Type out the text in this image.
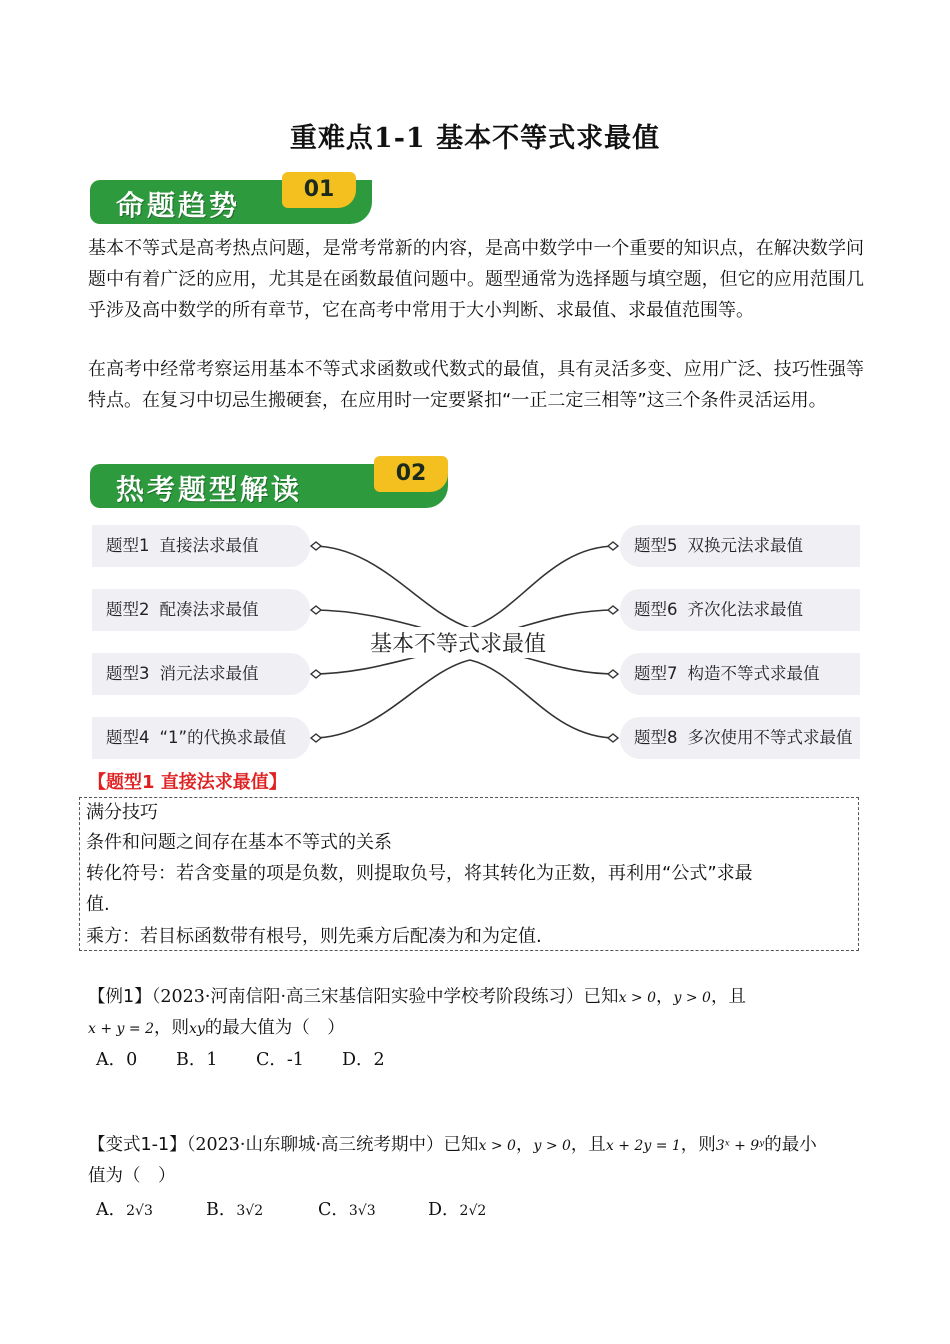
重难点1-1 基本不等式求最值
命题趋势	01
基本不等式是高考热点问题，是常考常新的内容，是高中数学中一个重要的知识点，在解决数学问题中有着广泛的应用，尤其是在函数最值问题中。题型通常为选择题与填空题，但它的应用范围几乎涉及高中数学的所有章节，它在高考中常用于大小判断、求最值、求最值范围等。
在高考中经常考察运用基本不等式求函数或代数式的最值，具有灵活多变、应用广泛、技巧性强等特点。在复习中切忌生搬硬套，在应用时一定要紧扣“一正二定三相等”这三个条件灵活运用。
热考题型解读	02
基本不等式求最值
题型1 直接法求最值
题型2 配凑法求最值
题型3 消元法求最值
题型4 “1”的代换求最值
题型5 双换元法求最值
题型6 齐次化法求最值
题型7 构造不等式求最值
题型8 多次使用不等式求最值
【题型1 直接法求最值】
满分技巧
条件和问题之间存在基本不等式的关系
转化符号：若含变量的项是负数，则提取负号，将其转化为正数，再利用“公式”求最
值.
乘方：若目标函数带有根号，则先乘方后配凑为和为定值.
【例1】（2023·河南信阳·高三宋基信阳实验中学校考阶段练习）已知x > 0，y > 0，且
x + y = 2，则xy的最大值为（　）
A．0 B．1 C．-1 D．2
【变式1-1】（2023·山东聊城·高三统考期中）已知x > 0，y > 0，且x + 2y = 1，则3ˣ + 9ʸ的最小
值为（　）
A．2√3	B．3√2	C．3√3	D．2√2
